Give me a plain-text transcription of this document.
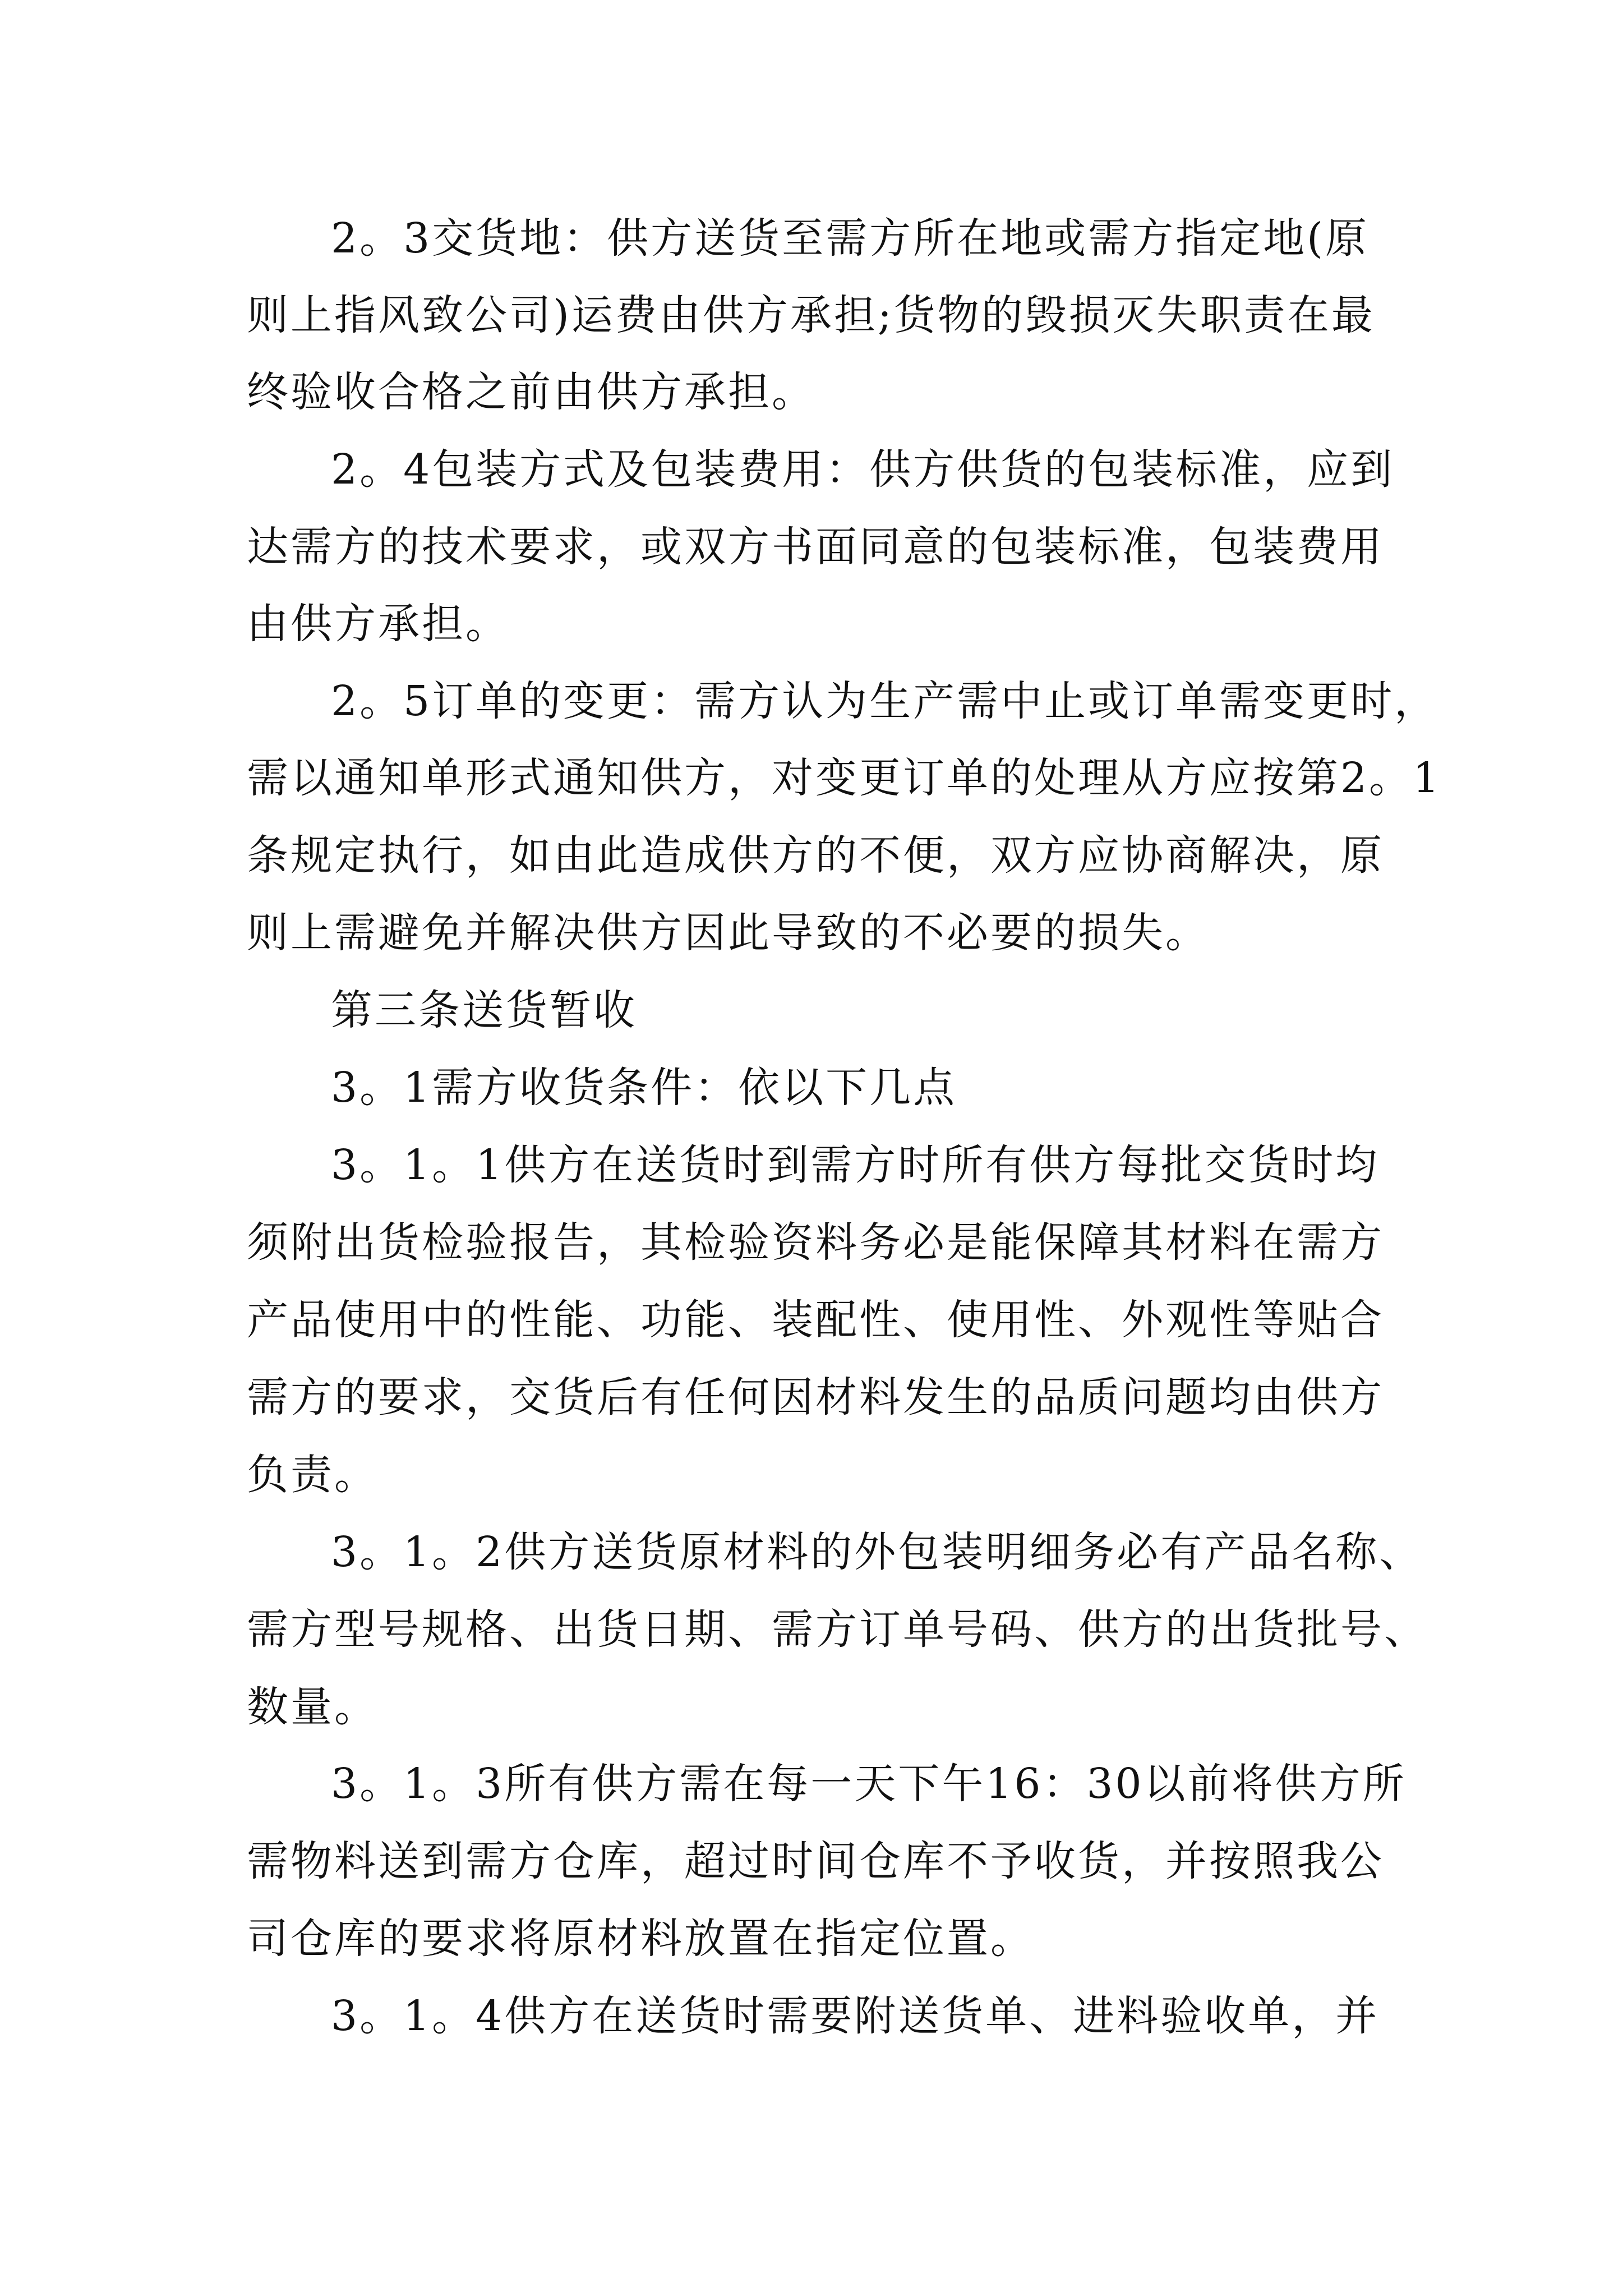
2。3交货地：供方送货至需方所在地或需方指定地(原
则上指风致公司)运费由供方承担;货物的毁损灭失职责在最
终验收合格之前由供方承担。
2。4包装方式及包装费用：供方供货的包装标准，应到
达需方的技术要求，或双方书面同意的包装标准，包装费用
由供方承担。
2。5订单的变更：需方认为生产需中止或订单需变更时，
需以通知单形式通知供方，对变更订单的处理从方应按第2。1
条规定执行，如由此造成供方的不便，双方应协商解决，原
则上需避免并解决供方因此导致的不必要的损失。
第三条送货暂收
3。1需方收货条件：依以下几点
3。1。1供方在送货时到需方时所有供方每批交货时均
须附出货检验报告，其检验资料务必是能保障其材料在需方
产品使用中的性能、功能、装配性、使用性、外观性等贴合
需方的要求，交货后有任何因材料发生的品质问题均由供方
负责。
3。1。2供方送货原材料的外包装明细务必有产品名称、
需方型号规格、出货日期、需方订单号码、供方的出货批号、
数量。
3。1。3所有供方需在每一天下午16：30以前将供方所
需物料送到需方仓库，超过时间仓库不予收货，并按照我公
司仓库的要求将原材料放置在指定位置。
3。1。4供方在送货时需要附送货单、进料验收单，并
